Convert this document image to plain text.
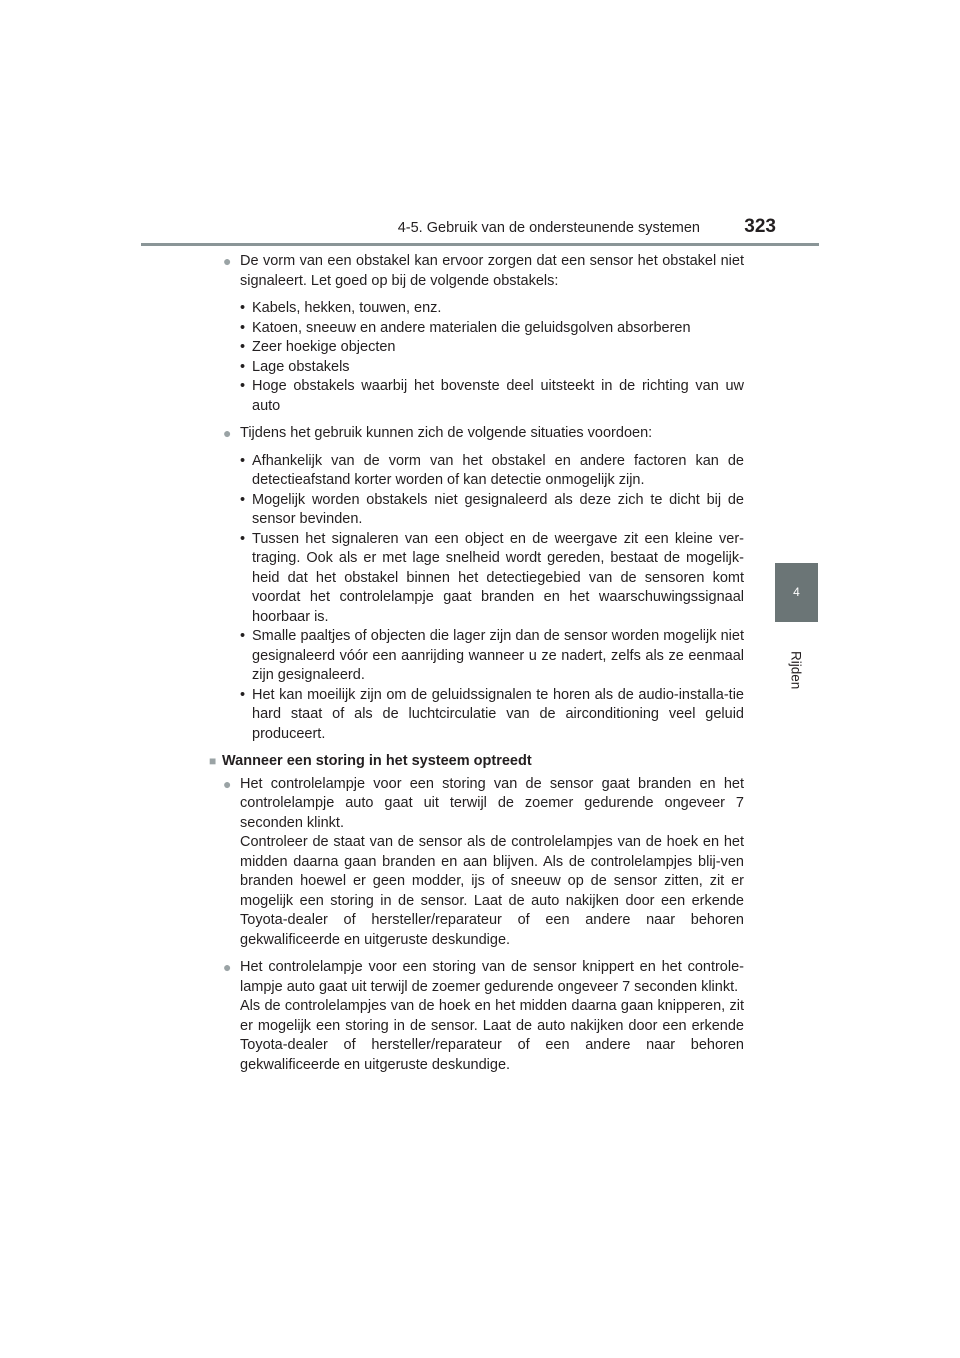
4-5. Gebruik van de ondersteunende systemen	323
4
Rijden
● De vorm van een obstakel kan ervoor zorgen dat een sensor het obstakel niet signaleert. Let goed op bij de volgende obstakels:
• Kabels, hekken, touwen, enz.
• Katoen, sneeuw en andere materialen die geluidsgolven absorberen
• Zeer hoekige objecten
• Lage obstakels
• Hoge obstakels waarbij het bovenste deel uitsteekt in de richting van uw auto
● Tijdens het gebruik kunnen zich de volgende situaties voordoen:
• Afhankelijk van de vorm van het obstakel en andere factoren kan de detectieafstand korter worden of kan detectie onmogelijk zijn.
• Mogelijk worden obstakels niet gesignaleerd als deze zich te dicht bij de sensor bevinden.
• Tussen het signaleren van een object en de weergave zit een kleine ver-traging. Ook als er met lage snelheid wordt gereden, bestaat de mogelijk-heid dat het obstakel binnen het detectiegebied van de sensoren komt voordat het controlelampje gaat branden en het waarschuwingssignaal hoorbaar is.
• Smalle paaltjes of objecten die lager zijn dan de sensor worden mogelijk niet gesignaleerd vóór een aanrijding wanneer u ze nadert, zelfs als ze eenmaal zijn gesignaleerd.
• Het kan moeilijk zijn om de geluidssignalen te horen als de audio-installa-tie hard staat of als de luchtcirculatie van de airconditioning veel geluid produceert.
■ Wanneer een storing in het systeem optreedt
● Het controlelampje voor een storing van de sensor gaat branden en het controlelampje auto gaat uit terwijl de zoemer gedurende ongeveer 7 seconden klinkt.
Controleer de staat van de sensor als de controlelampjes van de hoek en het midden daarna gaan branden en aan blijven. Als de controlelampjes blij-ven branden hoewel er geen modder, ijs of sneeuw op de sensor zitten, zit er mogelijk een storing in de sensor. Laat de auto nakijken door een erkende Toyota-dealer of hersteller/reparateur of een andere naar behoren gekwalificeerde en uitgeruste deskundige.
● Het controlelampje voor een storing van de sensor knippert en het controle-lampje auto gaat uit terwijl de zoemer gedurende ongeveer 7 seconden klinkt.
Als de controlelampjes van de hoek en het midden daarna gaan knipperen, zit er mogelijk een storing in de sensor. Laat de auto nakijken door een erkende Toyota-dealer of hersteller/reparateur of een andere naar behoren gekwalificeerde en uitgeruste deskundige.
